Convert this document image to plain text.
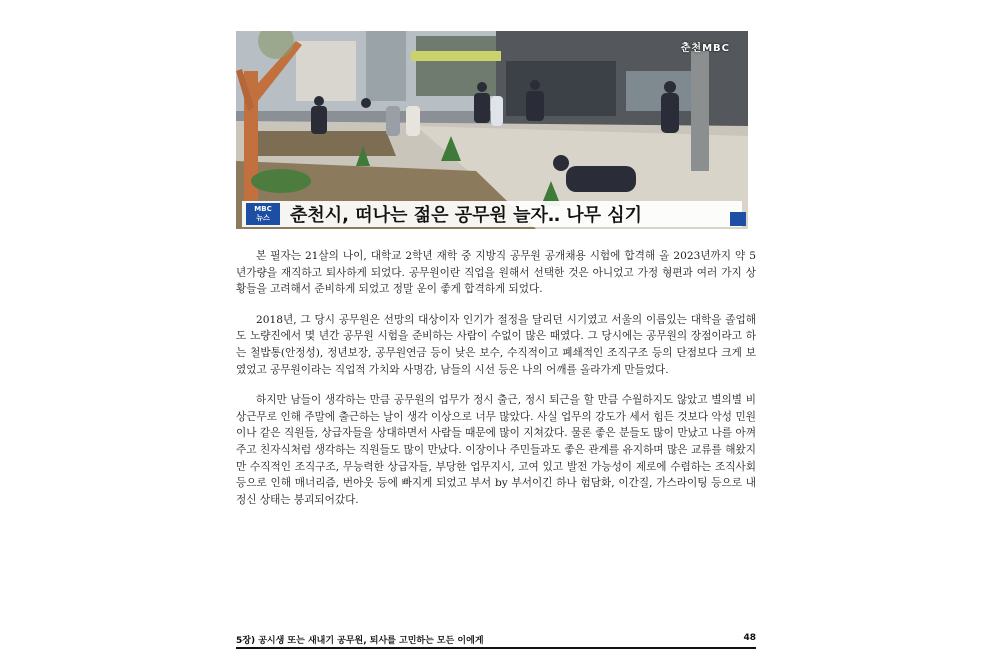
춘천MBC
MBC
뉴스 춘천시, 떠나는 젊은 공무원 늘자‥ 나무 심기

본 필자는 21살의 나이, 대학교 2학년 재학 중 지방직 공무원 공개채용 시험에 합격해 올 2023년까지 약 5년가량을 재직하고 퇴사하게 되었다. 공무원이란 직업을 원해서 선택한 것은 아니었고 가정 형편과 여러 가지 상황들을 고려해서 준비하게 되었고 정말 운이 좋게 합격하게 되었다.

2018년, 그 당시 공무원은 선망의 대상이자 인기가 절정을 달리던 시기였고 서울의 이름있는 대학을 졸업해도 노량진에서 몇 년간 공무원 시험을 준비하는 사람이 수없이 많은 때였다. 그 당시에는 공무원의 장점이라고 하는 철밥통(안정성), 정년보장, 공무원연금 등이 낮은 보수, 수직적이고 폐쇄적인 조직구조 등의 단점보다 크게 보였었고 공무원이라는 직업적 가치와 사명감, 남들의 시선 등은 나의 어깨를 올라가게 만들었다.

하지만 남들이 생각하는 만큼 공무원의 업무가 정시 출근, 정시 퇴근을 할 만큼 수월하지도 않았고 별의별 비상근무로 인해 주말에 출근하는 날이 생각 이상으로 너무 많았다. 사실 업무의 강도가 세서 힘든 것보다 악성 민원이나 같은 직원들, 상급자들을 상대하면서 사람들 때문에 많이 지쳐갔다. 물론 좋은 분들도 많이 만났고 나를 아껴주고 친자식처럼 생각하는 직원들도 많이 만났다. 이장이나 주민들과도 좋은 관계를 유지하며 많은 교류를 해왔지만 수직적인 조직구조, 무능력한 상급자들, 부당한 업무지시, 고여 있고 발전 가능성이 제로에 수렴하는 조직사회 등으로 인해 매너리즘, 번아웃 등에 빠지게 되었고 부서 by 부서이긴 하나 험담화, 이간질, 가스라이팅 등으로 내 정신 상태는 붕괴되어갔다.

5장) 공시생 또는 새내기 공무원, 퇴사를 고민하는 모든 이에게	48
